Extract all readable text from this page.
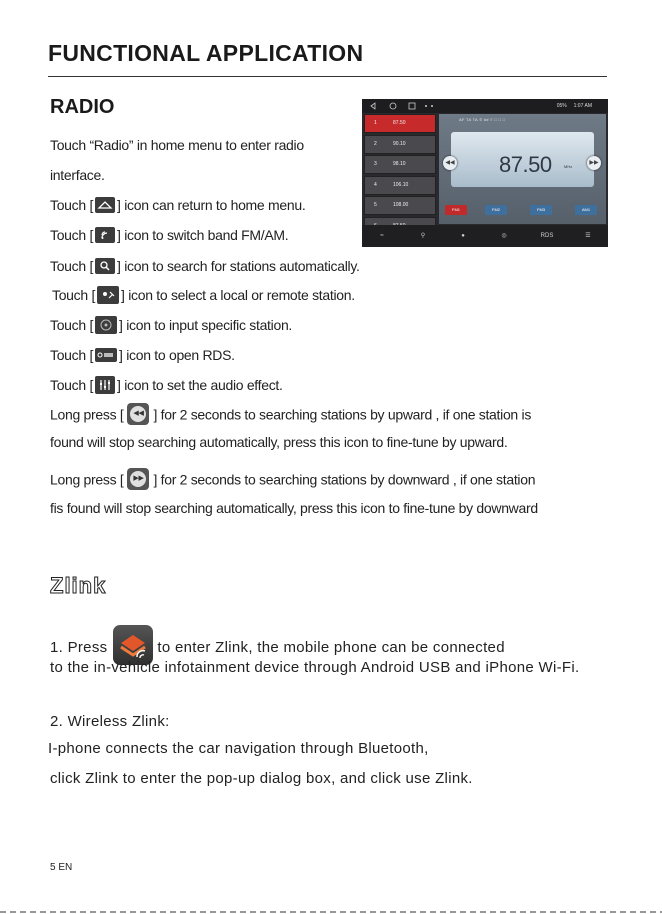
FUNCTIONAL APPLICATION
RADIO
Touch “Radio” in home menu to enter radio
interface.
Touch [ ] icon can return to home menu.
Touch [ ] icon to switch band FM/AM.
Touch [ ] icon to search for stations automatically.
Touch [ ] icon to select a local or remote station.
Touch [ ] icon to input specific station.
Touch [ ] icon to open RDS.
Touch [ ] icon to set the audio effect.
Long press [	◀◀ ] for 2 seconds to searching stations by upward , if one station is
found will stop searching automatically, press this icon to fine-tune by upward.
Long press [	▶▶ ] for 2 seconds to searching stations by downward , if one station
fis found will stop searching automatically, press this icon to fine-tune by downward
05%     1:07 AM
1	87.50
2	90.10
3	98.10
4	106.10
5	108.00
AF TA TA © ## ≡ □ □ □
87.50	MHz
◀◀	▶▶
FM1	FM2	FM3	AM1
≈	⚲	●	◎	RDS	☰
Zlink
1. Press	to enter Zlink, the mobile phone can be connected
to the in-vehicle infotainment device through Android USB and iPhone Wi-Fi.
2. Wireless Zlink:
I-phone connects the car navigation through Bluetooth,
click Zlink to enter the pop-up dialog box, and click use Zlink.
5 EN
